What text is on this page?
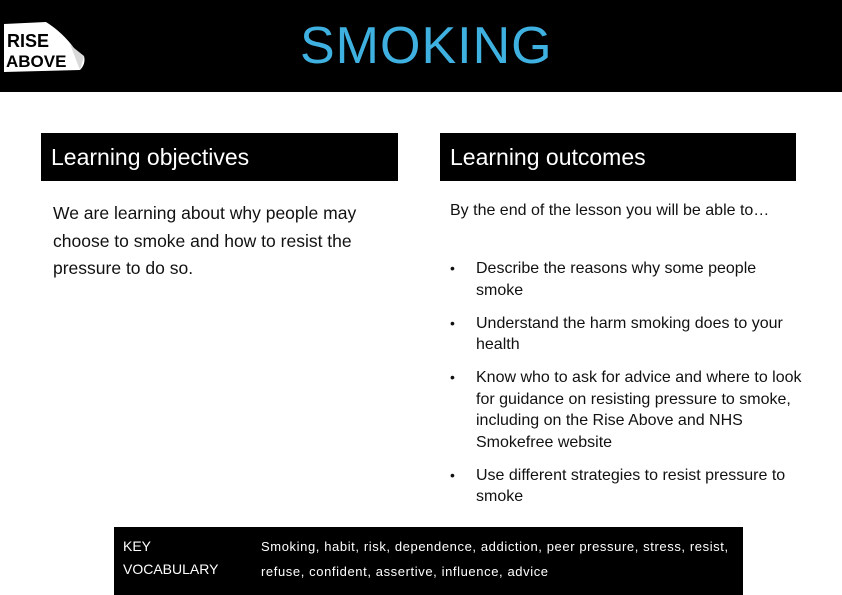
RISE
ABOVE	SMOKING
Learning objectives	Learning outcomes
We are learning about why people may choose to smoke and how to resist the pressure to do so.
By the end of the lesson you will be able to…
• Describe the reasons why some people smoke
• Understand the harm smoking does to your health
• Know who to ask for advice and where to look for guidance on resisting pressure to smoke, including on the Rise Above and NHS Smokefree website
• Use different strategies to resist pressure to smoke
KEY
VOCABULARY
Smoking, habit, risk, dependence, addiction, peer pressure, stress, resist,
refuse, confident, assertive, influence, advice
